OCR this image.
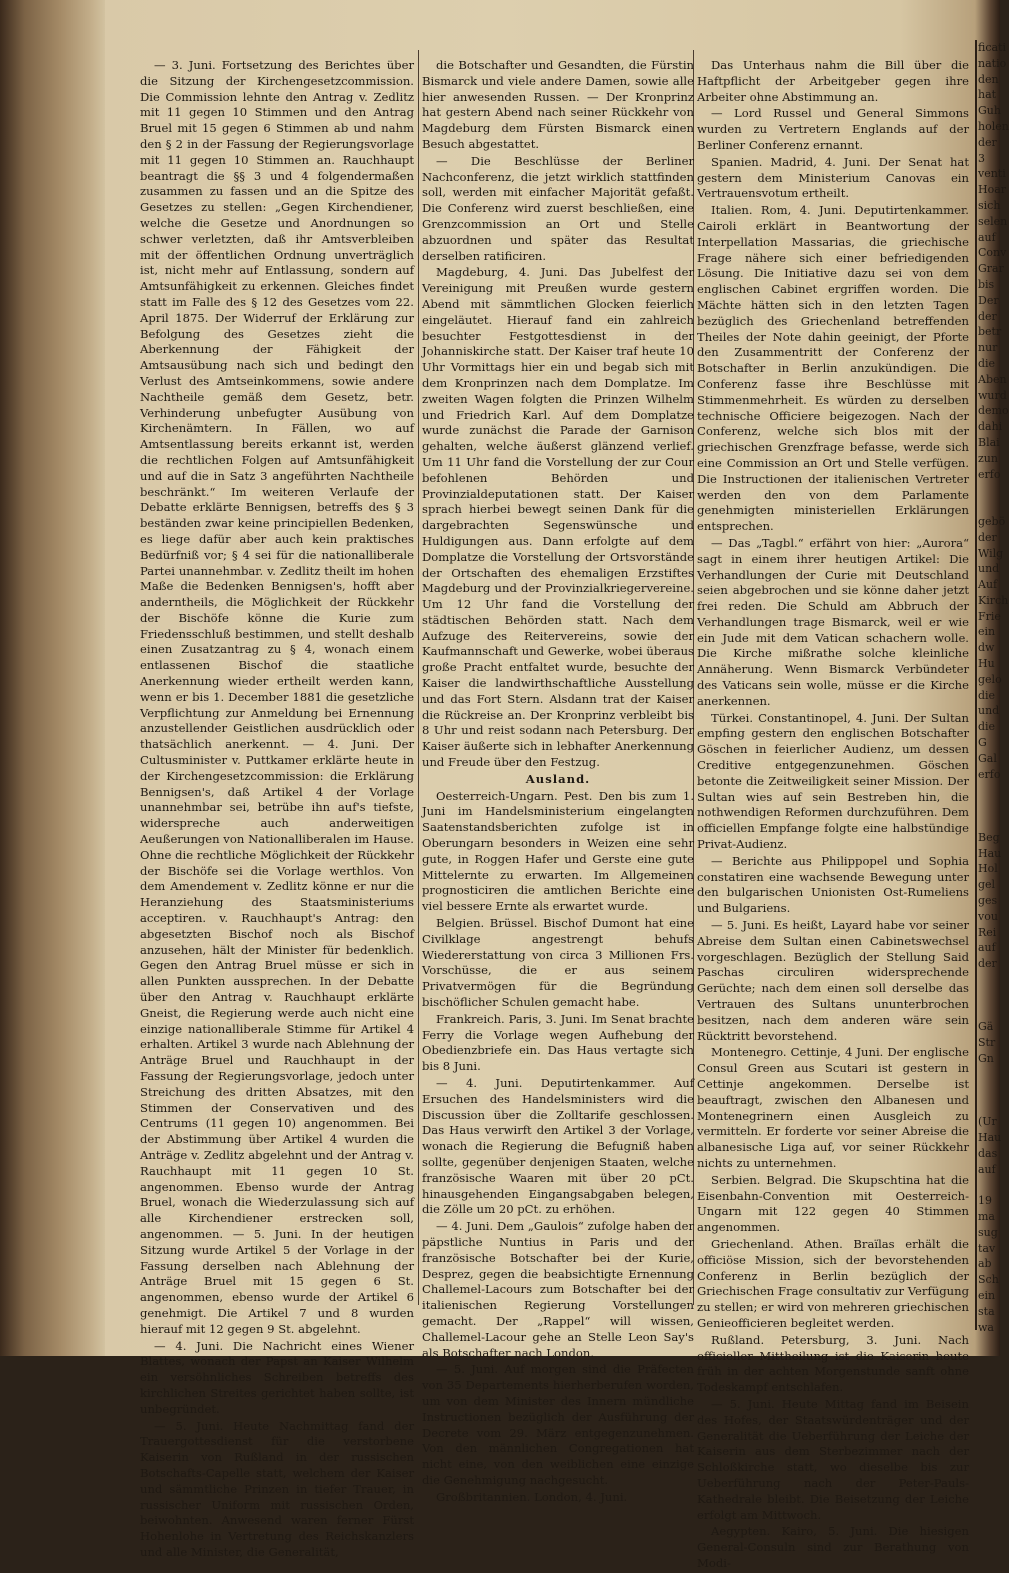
— 3. Juni. Fortsetzung des Berichtes über die Sitzung der Kirchengesetzcommission. Die Commission lehnte den Antrag v. Zedlitz mit 11 gegen 10 Stimmen und den Antrag Bruel mit 15 gegen 6 Stimmen ab und nahm den § 2 in der Fassung der Regierungsvorlage mit 11 gegen 10 Stimmen an. Rauchhaupt beantragt die §§ 3 und 4 folgendermaßen zusammen zu fassen und an die Spitze des Gesetzes zu stellen: „Gegen Kirchendiener, welche die Gesetze und Anordnungen so schwer verletzten, daß ihr Amtsverbleiben mit der öffentlichen Ordnung unverträglich ist, nicht mehr auf Entlassung, sondern auf Amtsunfähigkeit zu erkennen. Gleiches findet statt im Falle des § 12 des Gesetzes vom 22. April 1875. Der Widerruf der Erklärung zur Befolgung des Gesetzes zieht die Aberkennung der Fähigkeit der Amtsausübung nach sich und bedingt den Verlust des Amtseinkommens, sowie andere Nachtheile gemäß dem Gesetz, betr. Verhinderung unbefugter Ausübung von Kirchenämtern. In Fällen, wo auf Amtsentlassung bereits erkannt ist, werden die rechtlichen Folgen auf Amtsunfähigkeit und auf die in Satz 3 angeführten Nachtheile beschränkt.“ Im weiteren Verlaufe der Debatte erklärte Bennigsen, betreffs des § 3 beständen zwar keine principiellen Bedenken, es liege dafür aber auch kein praktisches Bedürfniß vor; § 4 sei für die nationalliberale Partei unannehmbar. v. Zedlitz theilt im hohen Maße die Bedenken Bennigsen's, hofft aber anderntheils, die Möglichkeit der Rückkehr der Bischöfe könne die Kurie zum Friedensschluß bestimmen, und stellt deshalb einen Zusatzantrag zu § 4, wonach einem entlassenen Bischof die staatliche Anerkennung wieder ertheilt werden kann, wenn er bis 1. December 1881 die gesetzliche Verpflichtung zur Anmeldung bei Ernennung anzustellender Geistlichen ausdrücklich oder thatsächlich anerkennt. — 4. Juni. Der Cultusminister v. Puttkamer erklärte heute in der Kirchengesetzcommission: die Erklärung Bennigsen's, daß Artikel 4 der Vorlage unannehmbar sei, betrübe ihn auf's tiefste, widerspreche auch anderweitigen Aeußerungen von Nationalliberalen im Hause. Ohne die rechtliche Möglichkeit der Rückkehr der Bischöfe sei die Vorlage werthlos. Von dem Amendement v. Zedlitz könne er nur die Heranziehung des Staatsministeriums acceptiren. v. Rauchhaupt's Antrag: den abgesetzten Bischof noch als Bischof anzusehen, hält der Minister für bedenklich. Gegen den Antrag Bruel müsse er sich in allen Punkten aussprechen. In der Debatte über den Antrag v. Rauchhaupt erklärte Gneist, die Regierung werde auch nicht eine einzige nationalliberale Stimme für Artikel 4 erhalten. Artikel 3 wurde nach Ablehnung der Anträge Bruel und Rauchhaupt in der Fassung der Regierungsvorlage, jedoch unter Streichung des dritten Absatzes, mit den Stimmen der Conservativen und des Centrums (11 gegen 10) angenommen. Bei der Abstimmung über Artikel 4 wurden die Anträge v. Zedlitz abgelehnt und der Antrag v. Rauchhaupt mit 11 gegen 10 St. angenommen. Ebenso wurde der Antrag Bruel, wonach die Wiederzulassung sich auf alle Kirchendiener erstrecken soll, angenommen. — 5. Juni. In der heutigen Sitzung wurde Artikel 5 der Vorlage in der Fassung derselben nach Ablehnung der Anträge Bruel mit 15 gegen 6 St. angenommen, ebenso wurde der Artikel 6 genehmigt. Die Artikel 7 und 8 wurden hierauf mit 12 gegen 9 St. abgelehnt.

— 4. Juni. Die Nachricht eines Wiener Blattes, wonach der Papst an Kaiser Wilhelm ein versöhnliches Schreiben betreffs des kirchlichen Streites gerichtet haben sollte, ist unbegründet.

— 5. Juni. Heute Nachmittag fand der Trauergottesdienst für die verstorbene Kaiserin von Rußland in der russischen Botschafts-Capelle statt, welchem der Kaiser und sämmtliche Prinzen in tiefer Trauer, in russischer Uniform mit russischen Orden, beiwohnten. Anwesend waren ferner Fürst Hohenlohe in Vertretung des Reichskanzlers und alle Minister, die Generalität,

die Botschafter und Gesandten, die Fürstin Bismarck und viele andere Damen, sowie alle hier anwesenden Russen. — Der Kronprinz hat gestern Abend nach seiner Rückkehr von Magdeburg dem Fürsten Bismarck einen Besuch abgestattet.

— Die Beschlüsse der Berliner Nachconferenz, die jetzt wirklich stattfinden soll, werden mit einfacher Majorität gefaßt. Die Conferenz wird zuerst beschließen, eine Grenzcommission an Ort und Stelle abzuordnen und später das Resultat derselben ratificiren.

Magdeburg, 4. Juni. Das Jubelfest der Vereinigung mit Preußen wurde gestern Abend mit sämmtlichen Glocken feierlich eingeläutet. Hierauf fand ein zahlreich besuchter Festgottesdienst in der Johanniskirche statt. Der Kaiser traf heute 10 Uhr Vormittags hier ein und begab sich mit dem Kronprinzen nach dem Domplatze. Im zweiten Wagen folgten die Prinzen Wilhelm und Friedrich Karl. Auf dem Domplatze wurde zunächst die Parade der Garnison gehalten, welche äußerst glänzend verlief. Um 11 Uhr fand die Vorstellung der zur Cour befohlenen Behörden und Provinzialdeputationen statt. Der Kaiser sprach hierbei bewegt seinen Dank für die dargebrachten Segenswünsche und Huldigungen aus. Dann erfolgte auf dem Domplatze die Vorstellung der Ortsvorstände der Ortschaften des ehemaligen Erzstiftes Magdeburg und der Provinzialkriegervereine. Um 12 Uhr fand die Vorstellung der städtischen Behörden statt. Nach dem Aufzuge des Reitervereins, sowie der Kaufmannschaft und Gewerke, wobei überaus große Pracht entfaltet wurde, besuchte der Kaiser die landwirthschaftliche Ausstellung und das Fort Stern. Alsdann trat der Kaiser die Rückreise an. Der Kronprinz verbleibt bis 8 Uhr und reist sodann nach Petersburg. Der Kaiser äußerte sich in lebhafter Anerkennung und Freude über den Festzug.

Ausland.

Oesterreich-Ungarn. Pest. Den bis zum 1. Juni im Handelsministerium eingelangten Saatenstandsberichten zufolge ist in Oberungarn besonders in Weizen eine sehr gute, in Roggen Hafer und Gerste eine gute Mittelernte zu erwarten. Im Allgemeinen prognosticiren die amtlichen Berichte eine viel bessere Ernte als erwartet wurde.

Belgien. Brüssel. Bischof Dumont hat eine Civilklage angestrengt behufs Wiedererstattung von circa 3 Millionen Frs. Vorschüsse, die er aus seinem Privatvermögen für die Begründung bischöflicher Schulen gemacht habe.

Frankreich. Paris, 3. Juni. Im Senat brachte Ferry die Vorlage wegen Aufhebung der Obedienzbriefe ein. Das Haus vertagte sich bis 8 Juni.

— 4. Juni. Deputirtenkammer. Auf Ersuchen des Handelsministers wird die Discussion über die Zolltarife geschlossen. Das Haus verwirft den Artikel 3 der Vorlage, wonach die Regierung die Befugniß haben sollte, gegenüber denjenigen Staaten, welche französische Waaren mit über 20 pCt. hinausgehenden Eingangsabgaben belegen, die Zölle um 20 pCt. zu erhöhen.

— 4. Juni. Dem „Gaulois“ zufolge haben der päpstliche Nuntius in Paris und der französische Botschafter bei der Kurie, Desprez, gegen die beabsichtigte Ernennung Challemel-Lacours zum Botschafter bei der italienischen Regierung Vorstellungen gemacht. Der „Rappel“ will wissen, Challemel-Lacour gehe an Stelle Leon Say's als Botschafter nach London.

— 5. Juni. Auf morgen sind die Präfecten von 35 Departements hierherberufen worden, um von dem Minister des Innern mündliche Instructionen bezüglich der Ausführung der Decrete vom 29. März entgegenzunehmen. Von den männlichen Congregationen hat nicht eine, von den weiblichen eine einzige die Genehmigung nachgesucht.

Großbritannien. London, 4. Juni.

Das Unterhaus nahm die Bill über die Haftpflicht der Arbeitgeber gegen ihre Arbeiter ohne Abstimmung an.

— Lord Russel und General Simmons wurden zu Vertretern Englands auf der Berliner Conferenz ernannt.

Spanien. Madrid, 4. Juni. Der Senat hat gestern dem Ministerium Canovas ein Vertrauensvotum ertheilt.

Italien. Rom, 4. Juni. Deputirtenkammer. Cairoli erklärt in Beantwortung der Interpellation Massarias, die griechische Frage nähere sich einer befriedigenden Lösung. Die Initiative dazu sei von dem englischen Cabinet ergriffen worden. Die Mächte hätten sich in den letzten Tagen bezüglich des Griechenland betreffenden Theiles der Note dahin geeinigt, der Pforte den Zusammentritt der Conferenz der Botschafter in Berlin anzukündigen. Die Conferenz fasse ihre Beschlüsse mit Stimmenmehrheit. Es würden zu derselben technische Officiere beigezogen. Nach der Conferenz, welche sich blos mit der griechischen Grenzfrage befasse, werde sich eine Commission an Ort und Stelle verfügen. Die Instructionen der italienischen Vertreter werden den von dem Parlamente genehmigten ministeriellen Erklärungen entsprechen.

— Das „Tagbl.“ erfährt von hier: „Aurora“ sagt in einem ihrer heutigen Artikel: Die Verhandlungen der Curie mit Deutschland seien abgebrochen und sie könne daher jetzt frei reden. Die Schuld am Abbruch der Verhandlungen trage Bismarck, weil er wie ein Jude mit dem Vatican schachern wolle. Die Kirche mißrathe solche kleinliche Annäherung. Wenn Bismarck Verbündeter des Vaticans sein wolle, müsse er die Kirche anerkennen.

Türkei. Constantinopel, 4. Juni. Der Sultan empfing gestern den englischen Botschafter Göschen in feierlicher Audienz, um dessen Creditive entgegenzunehmen. Göschen betonte die Zeitweiligkeit seiner Mission. Der Sultan wies auf sein Bestreben hin, die nothwendigen Reformen durchzuführen. Dem officiellen Empfange folgte eine halbstündige Privat-Audienz.

— Berichte aus Philippopel und Sophia constatiren eine wachsende Bewegung unter den bulgarischen Unionisten Ost-Rumeliens und Bulgariens.

— 5. Juni. Es heißt, Layard habe vor seiner Abreise dem Sultan einen Cabinetswechsel vorgeschlagen. Bezüglich der Stellung Said Paschas circuliren widersprechende Gerüchte; nach dem einen soll derselbe das Vertrauen des Sultans ununterbrochen besitzen, nach dem anderen wäre sein Rücktritt bevorstehend.

Montenegro. Cettinje, 4 Juni. Der englische Consul Green aus Scutari ist gestern in Cettinje angekommen. Derselbe ist beauftragt, zwischen den Albanesen und Montenegrinern einen Ausgleich zu vermitteln. Er forderte vor seiner Abreise die albanesische Liga auf, vor seiner Rückkehr nichts zu unternehmen.

Serbien. Belgrad. Die Skupschtina hat die Eisenbahn-Convention mit Oesterreich-Ungarn mit 122 gegen 40 Stimmen angenommen.

Griechenland. Athen. Braïlas erhält die officiöse Mission, sich der bevorstehenden Conferenz in Berlin bezüglich der Griechischen Frage consultativ zur Verfügung zu stellen; er wird von mehreren griechischen Genieofficieren begleitet werden.

Rußland. Petersburg, 3. Juni. Nach officieller Mittheilung ist die Kaiserin heute früh in der achten Morgenstunde sanft ohne Todeskampf entschlafen.

— 5. Juni. Heute Mittag fand im Beisein des Hofes, der Staatswürdenträger und der Generalität die Ueberführung der Leiche der Kaiserin aus dem Sterbezimmer nach der Schloßkirche statt, wo dieselbe bis zur Ueberführung nach der Peter-Pauls-Kathedrale bleibt. Die Beisetzung der Leiche erfolgt am Mittwoch.

Aegypten. Kairo, 5. Juni. Die hiesigen General-Consuln sind zur Berathung von Modi-

ficati
natio
den
hat
Guh
holen
der
3
venti
Hoar
sich
selen
auf
Conv
Grar
bis
Der
der
betr
nur
die
Aben
wurd
demo
dahi
Blai
zun
erfo

gebö
der
Wilg
und
Auf
Kirch
Frie
ein
dw
Hu
gelo
die
und
die
G
Gal
erfo

Beg
Hau
Hol
gel
ges
vou
Rei
auf
der

Gä
Str
Gn

(Ur
Hau
das
auf

19
ma
sug
tav
ab
Sch
ein
sta
wa
